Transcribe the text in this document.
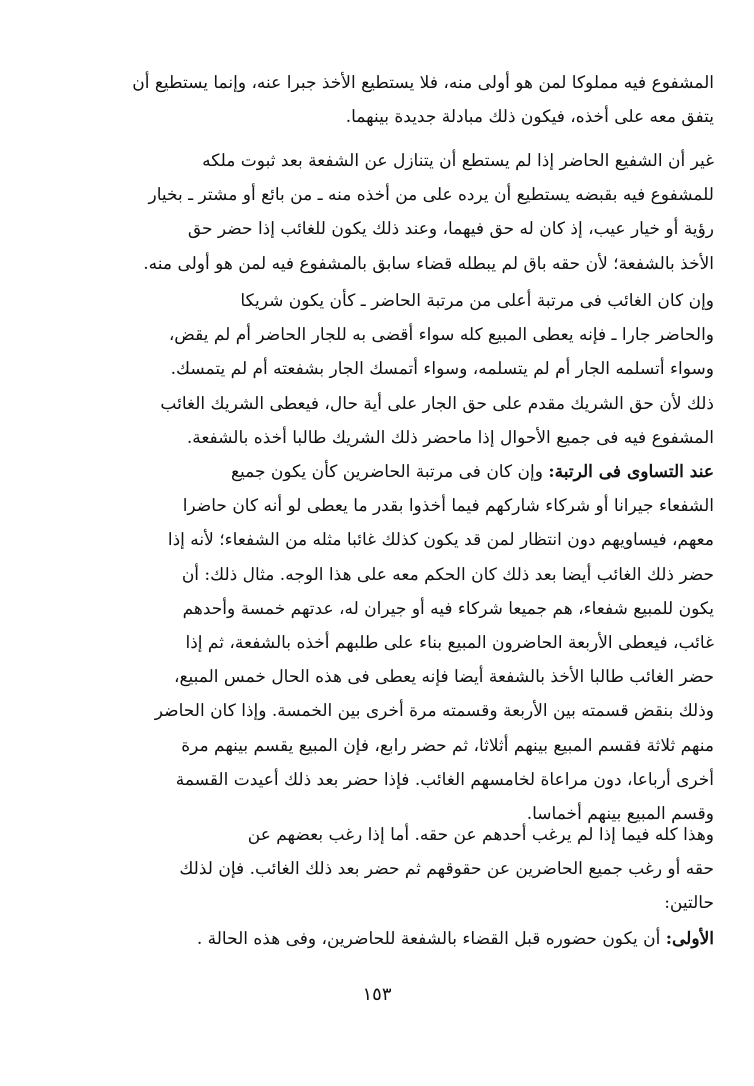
المشفوع فيه مملوكا لمن هو أولى منه، فلا يستطيع الأخذ جبرا عنه، وإنما يستطيع أن
يتفق معه على أخذه، فيكون ذلك مبادلة جديدة بينهما.

غير أن الشفيع الحاضر إذا لم يستطع أن يتنازل عن الشفعة بعد ثبوت ملكه
للمشفوع فيه بقبضه يستطيع أن يرده على من أخذه منه ـ من بائع أو مشتر ـ بخيار
رؤية أو خيار عيب، إذ كان له حق فيهما، وعند ذلك يكون للغائب إذا حضر حق
الأخذ بالشفعة؛ لأن حقه باق لم يبطله قضاء سابق بالمشفوع فيه لمن هو أولى منه.

وإن كان الغائب فى مرتبة أعلى من مرتبة الحاضر ـ كأن يكون شريكا
والحاضر جارا ـ فإنه يعطى المبيع كله سواء أقضى به للجار الحاضر أم لم يقض،
وسواء أتسلمه الجار أم لم يتسلمه، وسواء أتمسك الجار بشفعته أم لم يتمسك.
ذلك لأن حق الشريك مقدم على حق الجار على أية حال، فيعطى الشريك الغائب
المشفوع فيه فى جميع الأحوال إذا ماحضر ذلك الشريك طالبا أخذه بالشفعة.

عند التساوى فى الرتبة: وإن كان فى مرتبة الحاضرين كأن يكون جميع
الشفعاء جيرانا أو شركاء شاركهم فيما أخذوا بقدر ما يعطى لو أنه كان حاضرا
معهم، فيساويهم دون انتظار لمن قد يكون كذلك غائبا مثله من الشفعاء؛ لأنه إذا
حضر ذلك الغائب أيضا بعد ذلك كان الحكم معه على هذا الوجه. مثال ذلك: أن
يكون للمبيع شفعاء، هم جميعا شركاء فيه أو جيران له، عدتهم خمسة وأحدهم
غائب، فيعطى الأربعة الحاضرون المبيع بناء على طلبهم أخذه بالشفعة، ثم إذا
حضر الغائب طالبا الأخذ بالشفعة أيضا فإنه يعطى فى هذه الحال خمس المبيع،
وذلك بنقض قسمته بين الأربعة وقسمته مرة أخرى بين الخمسة. وإذا كان الحاضر
منهم ثلاثة فقسم المبيع بينهم أثلاثا، ثم حضر رابع، فإن المبيع يقسم بينهم مرة
أخرى أرباعا، دون مراعاة لخامسهم الغائب. فإذا حضر بعد ذلك أعيدت القسمة
وقسم المبيع بينهم أخماسا.

وهذا كله فيما إذا لم يرغب أحدهم عن حقه. أما إذا رغب بعضهم عن
حقه أو رغب جميع الحاضرين عن حقوقهم ثم حضر بعد ذلك الغائب. فإن لذلك
حالتين:

الأولى: أن يكون حضوره قبل القضاء بالشفعة للحاضرين، وفى هذه الحالة .

١٥٣
